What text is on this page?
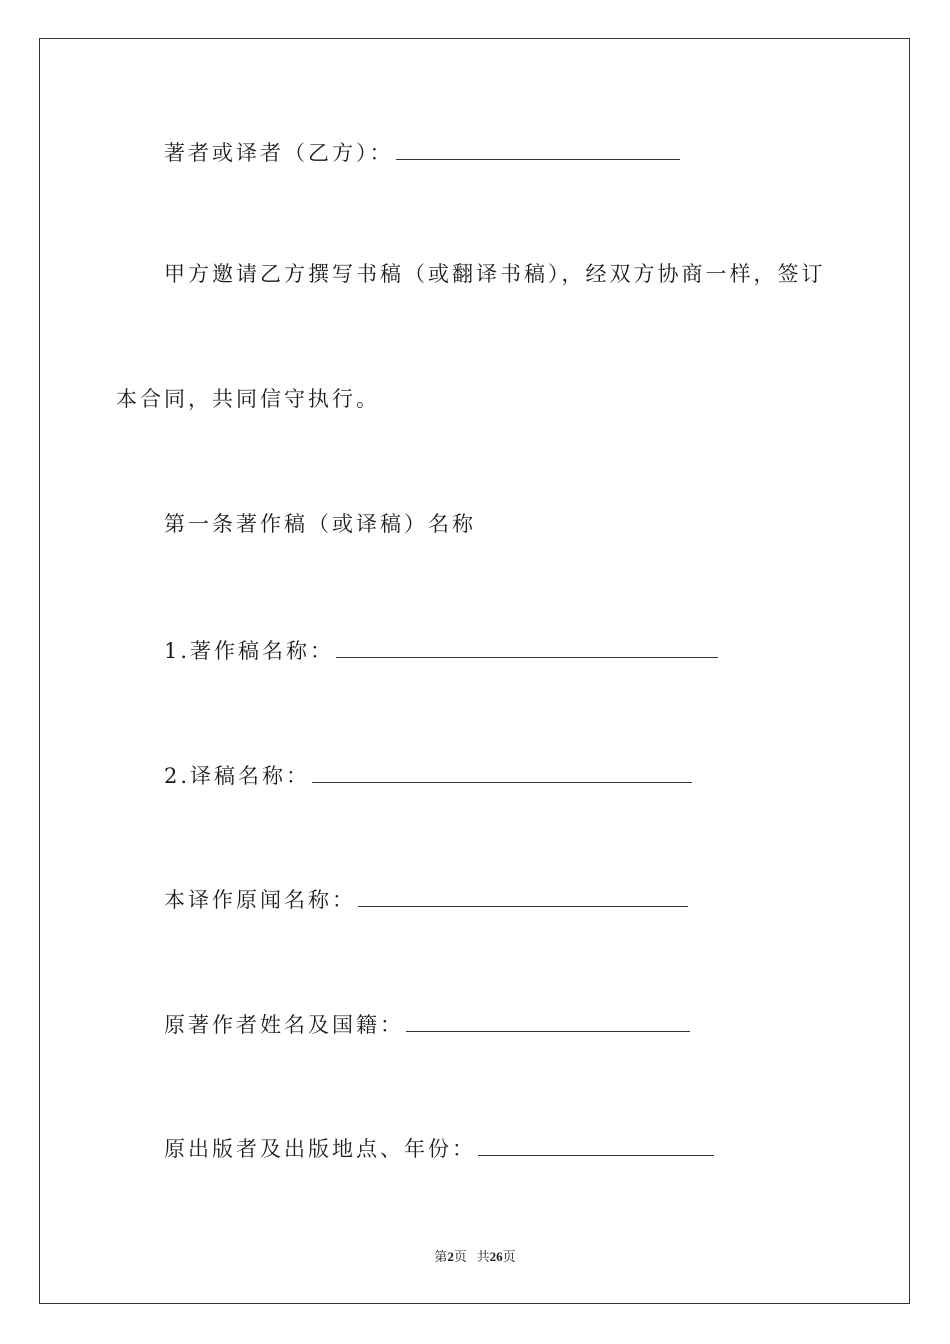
著者或译者（乙方）：
甲方邀请乙方撰写书稿（或翻译书稿），经双方协商一样，签订
本合同，共同信守执行。
第一条著作稿（或译稿）名称
1.著作稿名称：
2.译稿名称：
本译作原闻名称：
原著作者姓名及国籍：
原出版者及出版地点、年份：
第2页 共26页
